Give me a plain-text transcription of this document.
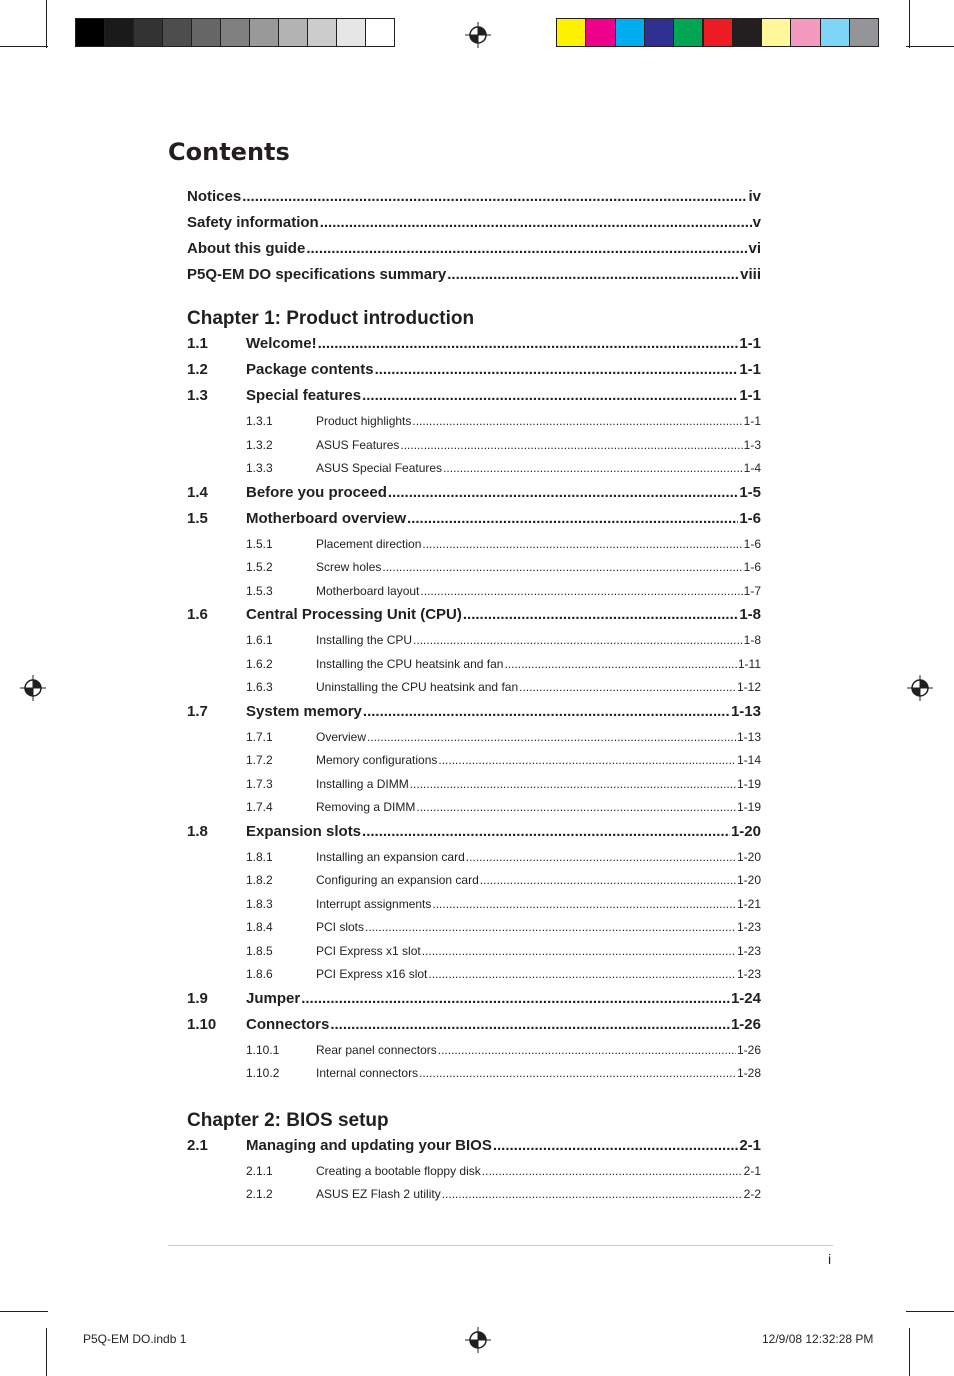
Contents
Notices .....	iv
Safety information .....	v
About this guide .....	vi
P5Q-EM DO specifications summary .....	viii
Chapter 1: Product introduction
1.1	Welcome! .....	1-1
1.2	Package contents .....	1-1
1.3	Special features .....	1-1
1.3.1	Product highlights .....	1-1
1.3.2	ASUS Features .....	1-3
1.3.3	ASUS Special Features .....	1-4
1.4	Before you proceed .....	1-5
1.5	Motherboard overview .....	1-6
1.5.1	Placement direction .....	1-6
1.5.2	Screw holes .....	1-6
1.5.3	Motherboard layout .....	1-7
1.6	Central Processing Unit (CPU) .....	1-8
1.6.1	Installing the CPU .....	1-8
1.6.2	Installing the CPU heatsink and fan .....	1-11
1.6.3	Uninstalling the CPU heatsink and fan .....	1-12
1.7	System memory .....	1-13
1.7.1	Overview .....	1-13
1.7.2	Memory configurations .....	1-14
1.7.3	Installing a DIMM .....	1-19
1.7.4	Removing a DIMM .....	1-19
1.8	Expansion slots .....	1-20
1.8.1	Installing an expansion card .....	1-20
1.8.2	Configuring an expansion card .....	1-20
1.8.3	Interrupt assignments .....	1-21
1.8.4	PCI slots .....	1-23
1.8.5	PCI Express x1 slot .....	1-23
1.8.6	PCI Express x16 slot .....	1-23
1.9	Jumper .....	1-24
1.10	Connectors .....	1-26
1.10.1	Rear panel connectors .....	1-26
1.10.2	Internal connectors .....	1-28
Chapter 2: BIOS setup
2.1	Managing and updating your BIOS .....	2-1
2.1.1	Creating a bootable floppy disk .....	2-1
2.1.2	ASUS EZ Flash 2 utility .....	2-2
i
P5Q-EM DO.indb 1	12/9/08 12:32:28 PM
